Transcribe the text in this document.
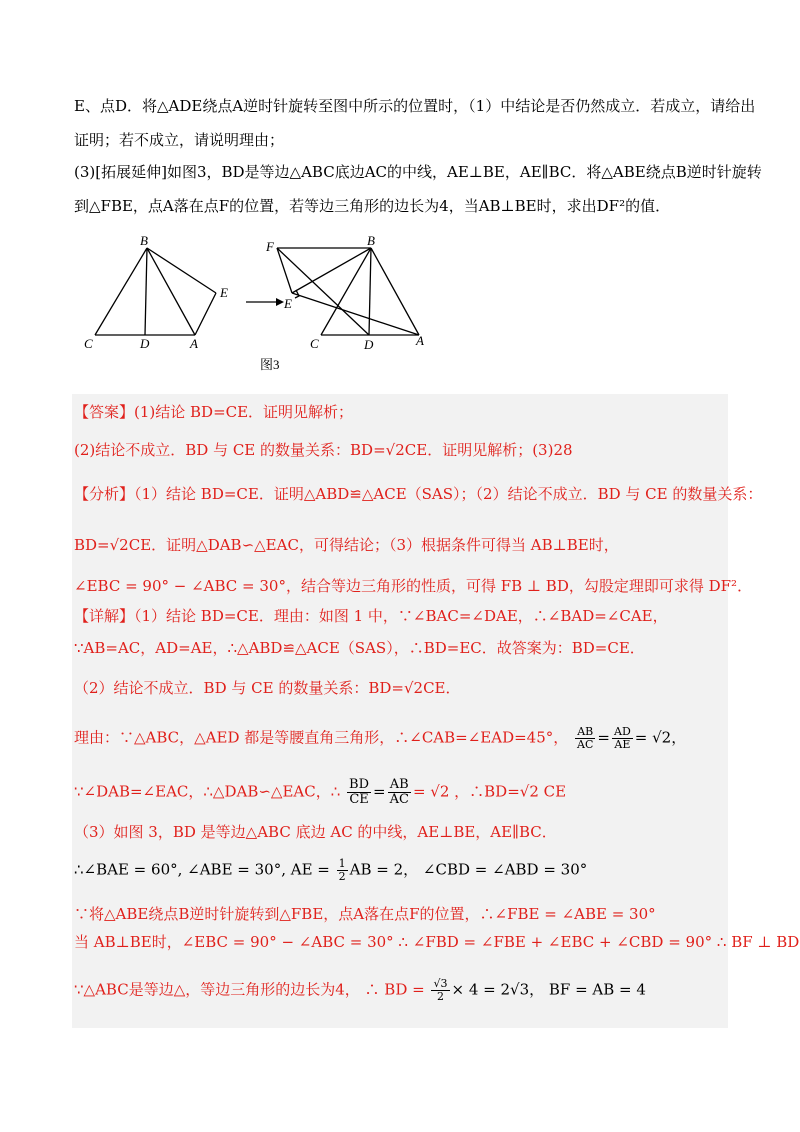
E、点D．将△ADE绕点A逆时针旋转至图中所示的位置时，（1）中结论是否仍然成立．若成立，请给出
证明；若不成立，请说明理由；
(3)[拓展延伸]如图3，BD是等边△ABC底边AC的中线，AE⊥BE，AE∥BC．将△ABE绕点B逆时针旋转
到△FBE，点A落在点F的位置，若等边三角形的边长为4，当AB⊥BE时，求出DF²的值．
B
E
C	D	A
F	B
E
C	D	A
图3
【答案】(1)结论 BD=CE．证明见解析；
(2)结论不成立．BD 与 CE 的数量关系：BD=√2CE．证明见解析；(3)28
【分析】（1）结论 BD=CE．证明△ABD≌△ACE（SAS）；（2）结论不成立．BD 与 CE 的数量关系：
BD=√2CE．证明△DAB∽△EAC，可得结论；（3）根据条件可得当 AB⊥BE时，
∠EBC = 90° − ∠ABC = 30°，结合等边三角形的性质，可得 FB ⊥ BD，勾股定理即可求得 DF²．
【详解】（1）结论 BD=CE．理由：如图 1 中，∵∠BAC=∠DAE，∴∠BAD=∠CAE，
∵AB=AC，AD=AE，∴△ABD≌△ACE（SAS），∴BD=EC．故答案为：BD=CE．
（2）结论不成立．BD 与 CE 的数量关系：BD=√2CE．
理由：∵△ABC，△AED 都是等腰直角三角形，∴∠CAB=∠EAD=45°， $\frac{AB}{AC} = \frac{AD}{AE} = √2$，
∵∠DAB=∠EAC，∴△DAB∽△EAC，∴ $\frac{BD}{CE} = \frac{AB}{AC} = √2$ ，∴BD=√2 CE
（3）如图 3，BD 是等边△ABC 底边 AC 的中线，AE⊥BE，AE∥BC．
∴∠BAE = 60°, ∠ABE = 30°, AE = $\frac{1}{2}$ AB = 2， ∠CBD = ∠ABD = 30°
∵将△ABE绕点B逆时针旋转到△FBE，点A落在点F的位置，∴∠FBE = ∠ABE = 30°
当 AB⊥BE时，∠EBC = 90° − ∠ABC = 30° ∴ ∠FBD = ∠FBE + ∠EBC + ∠CBD = 90° ∴ BF ⊥ BD
∵△ABC是等边△，等边三角形的边长为4， ∴ BD = $\frac{√3}{2} \times 4 = 2√3$， BF = AB = 4
